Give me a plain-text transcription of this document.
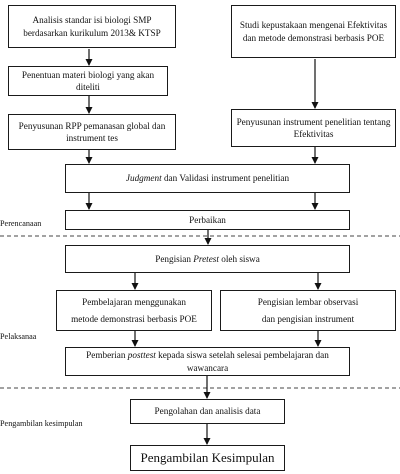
Analisis standar isi biologi SMP berdasarkan kurikulum 2013& KTSP
Studi kepustakaan mengenai Efektivitas dan metode demonstrasi berbasis POE
Penentuan materi biologi yang akan diteliti
Penyusunan RPP pemanasan global dan instrument tes
Penyusunan instrument penelitian tentang Efektivitas
Judgment dan Validasi instrument penelitian
Perbaikan
Pengisian Pretest oleh siswa
Pembelajaran menggunakan
metode demonstrasi berbasis POE
Pengisian lembar observasi
dan pengisian instrument
Pemberian posttest kepada siswa setelah selesai pembelajaran dan wawancara
Pengolahan dan analisis data
Pengambilan Kesimpulan
Perencanaan
Pelaksanaa
Pengambilan kesimpulan
